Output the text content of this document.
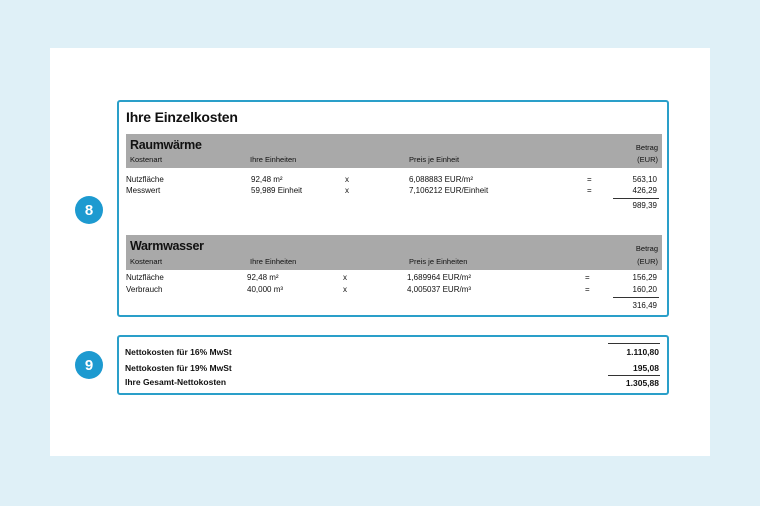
8
9
Ihre Einzelkosten
Raumwärme
Kostenart	Ihre Einheiten	Preis je Einheit
Betrag
(EUR)
Nutzfläche	92,48 m²	x	6,088883 EUR/m²	=	563,10
Messwert	59,989 Einheit	x	7,106212 EUR/Einheit	=	426,29
989,39
Warmwasser
Kostenart	Ihre Einheiten	Preis je Einheiten
Betrag
(EUR)
Nutzfläche	92,48 m²	x	1,689964 EUR/m²	=	156,29
Verbrauch	40,000 m³	x	4,005037 EUR/m³	=	160,20
316,49
Nettokosten für 16% MwSt	1.110,80
Nettokosten für 19% MwSt	195,08
Ihre Gesamt-Nettokosten	1.305,88
